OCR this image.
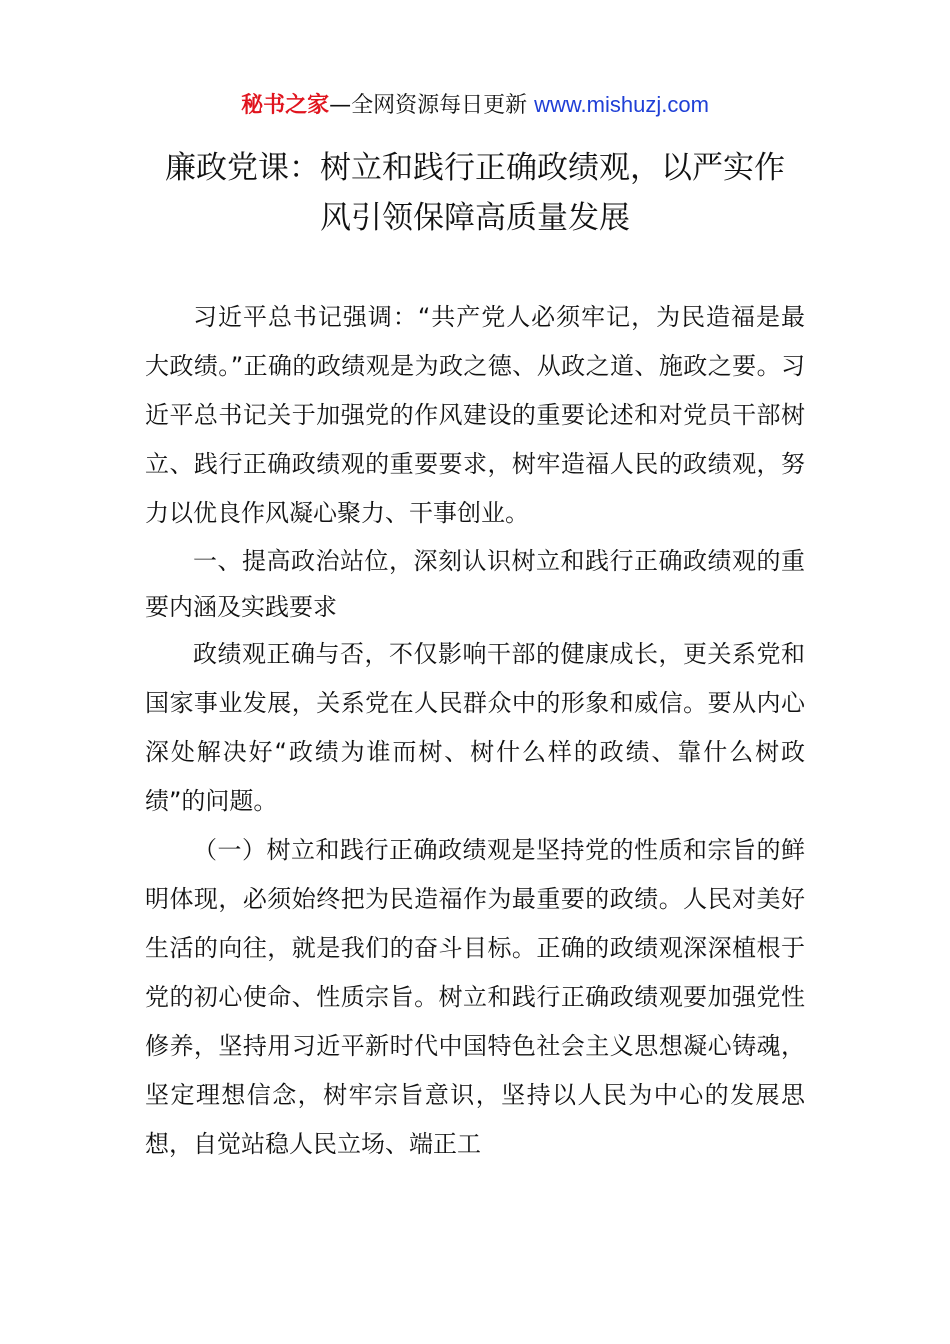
秘书之家—全网资源每日更新 www.mishuzj.com
廉政党课：树立和践行正确政绩观，以严实作
风引领保障高质量发展

习近平总书记强调：“共产党人必须牢记，为民造福是最大政绩。”正确的政绩观是为政之德、从政之道、施政之要。习近平总书记关于加强党的作风建设的重要论述和对党员干部树立、践行正确政绩观的重要要求，树牢造福人民的政绩观，努力以优良作风凝心聚力、干事创业。

一、提高政治站位，深刻认识树立和践行正确政绩观的重要内涵及实践要求

政绩观正确与否，不仅影响干部的健康成长，更关系党和国家事业发展，关系党在人民群众中的形象和威信。要从内心深处解决好“政绩为谁而树、树什么样的政绩、靠什么树政绩”的问题。

（一）树立和践行正确政绩观是坚持党的性质和宗旨的鲜明体现，必须始终把为民造福作为最重要的政绩。人民对美好生活的向往，就是我们的奋斗目标。正确的政绩观深深植根于党的初心使命、性质宗旨。树立和践行正确政绩观要加强党性修养，坚持用习近平新时代中国特色社会主义思想凝心铸魂，坚定理想信念，树牢宗旨意识，坚持以人民为中心的发展思想，自觉站稳人民立场、端正工
